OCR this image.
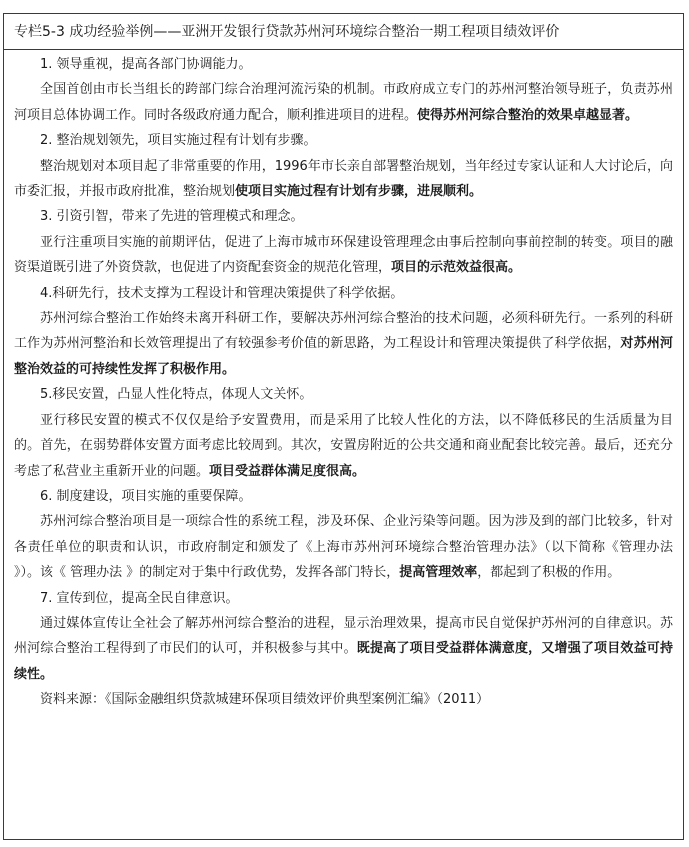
专栏5-3 成功经验举例——亚洲开发银行贷款苏州河环境综合整治一期工程项目绩效评价

1. 领导重视，提高各部门协调能力。

全国首创由市长当组长的跨部门综合治理河流污染的机制。市政府成立专门的苏州河整治领导班子，负责苏州河项目总体协调工作。同时各级政府通力配合，顺利推进项目的进程。使得苏州河综合整治的效果卓越显著。

2. 整治规划领先，项目实施过程有计划有步骤。

整治规划对本项目起了非常重要的作用，1996年市长亲自部署整治规划，当年经过专家认证和人大讨论后，向市委汇报，并报市政府批准，整治规划使项目实施过程有计划有步骤，进展顺利。

3. 引资引智，带来了先进的管理模式和理念。

亚行注重项目实施的前期评估，促进了上海市城市环保建设管理理念由事后控制向事前控制的转变。项目的融资渠道既引进了外资贷款，也促进了内资配套资金的规范化管理，项目的示范效益很高。

4.科研先行，技术支撑为工程设计和管理决策提供了科学依据。

苏州河综合整治工作始终未离开科研工作，要解决苏州河综合整治的技术问题，必须科研先行。一系列的科研工作为苏州河整治和长效管理提出了有较强参考价值的新思路，为工程设计和管理决策提供了科学依据，对苏州河整治效益的可持续性发挥了积极作用。

5.移民安置，凸显人性化特点，体现人文关怀。

亚行移民安置的模式不仅仅是给予安置费用，而是采用了比较人性化的方法，以不降低移民的生活质量为目的。首先，在弱势群体安置方面考虑比较周到。其次，安置房附近的公共交通和商业配套比较完善。最后，还充分考虑了私营业主重新开业的问题。项目受益群体满足度很高。

6. 制度建设，项目实施的重要保障。

苏州河综合整治项目是一项综合性的系统工程，涉及环保、企业污染等问题。因为涉及到的部门比较多，针对各责任单位的职责和认识，市政府制定和颁发了《上海市苏州河环境综合整治管理办法》（以下简称《管理办法 》）。该《 管理办法 》的制定对于集中行政优势，发挥各部门特长，提高管理效率，都起到了积极的作用。

7. 宣传到位，提高全民自律意识。

通过媒体宣传让全社会了解苏州河综合整治的进程，显示治理效果，提高市民自觉保护苏州河的自律意识。苏州河综合整治工程得到了市民们的认可，并积极参与其中。既提高了项目受益群体满意度，又增强了项目效益可持续性。

资料来源：《国际金融组织贷款城建环保项目绩效评价典型案例汇编》（2011）
